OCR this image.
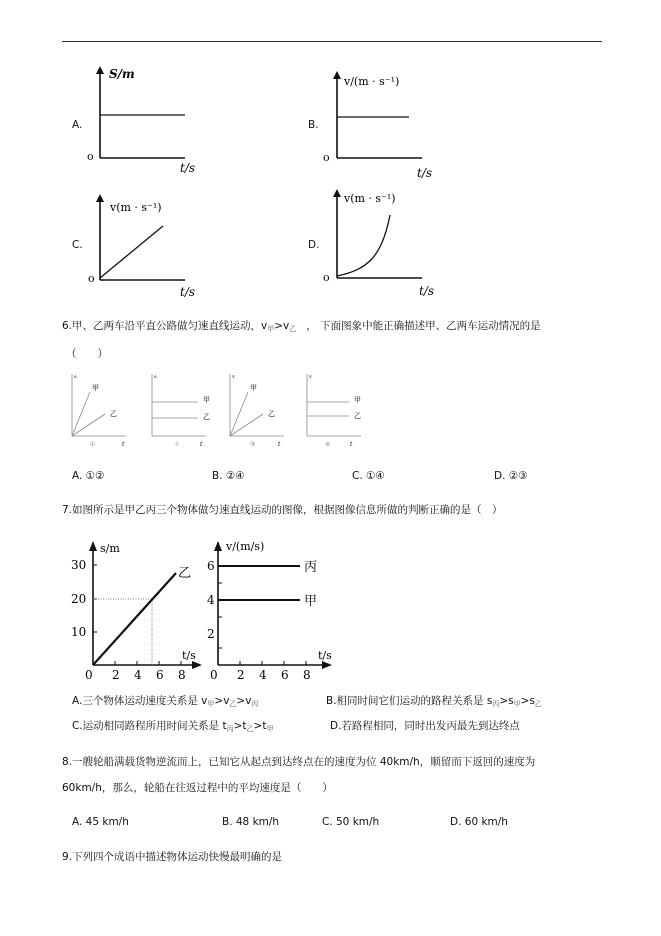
A.
S/m
o
t/s
B.
v/(m · s⁻¹)
o
t/s
C.
v(m · s⁻¹)
o
t/s
D.
v(m · s⁻¹)
o
t/s
6.甲、乙两车沿平直公路做匀速直线运动，$v_甲>v_乙$ ， 下面图象中能正确描述甲、乙两车运动情况的是
（　　）
s
甲
乙
①	t
s
甲
乙
②	t
v
甲
乙
③	t
v
甲
乙
④	t
A. ①②	B. ②④	C. ①④	D. ②③
7.如图所示是甲乙丙三个物体做匀速直线运动的图像，根据图像信息所做的判断正确的是（　）
s/m
30
20
10
乙
t/s
0 2 4 6 8
v/(m/s)
6
4
2
丙
甲
t/s
0 2 4 6 8
A.三个物体运动速度关系是 $v_甲>v_乙>v_丙$	B.相同时间它们运动的路程关系是 $s_丙>s_甲>s_乙$
C.运动相同路程所用时间关系是 $t_丙>t_乙>t_甲$	D.若路程相同，同时出发丙最先到达终点
8.一艘轮船满载货物逆流而上，已知它从起点到达终点在的速度为位 40km/h，顺留而下返回的速度为
60km/h，那么，轮船在往返过程中的平均速度是（　　）
A. 45 km/h	B. 48 km/h	C. 50 km/h	D. 60 km/h
9.下列四个成语中描述物体运动快慢最明确的是
